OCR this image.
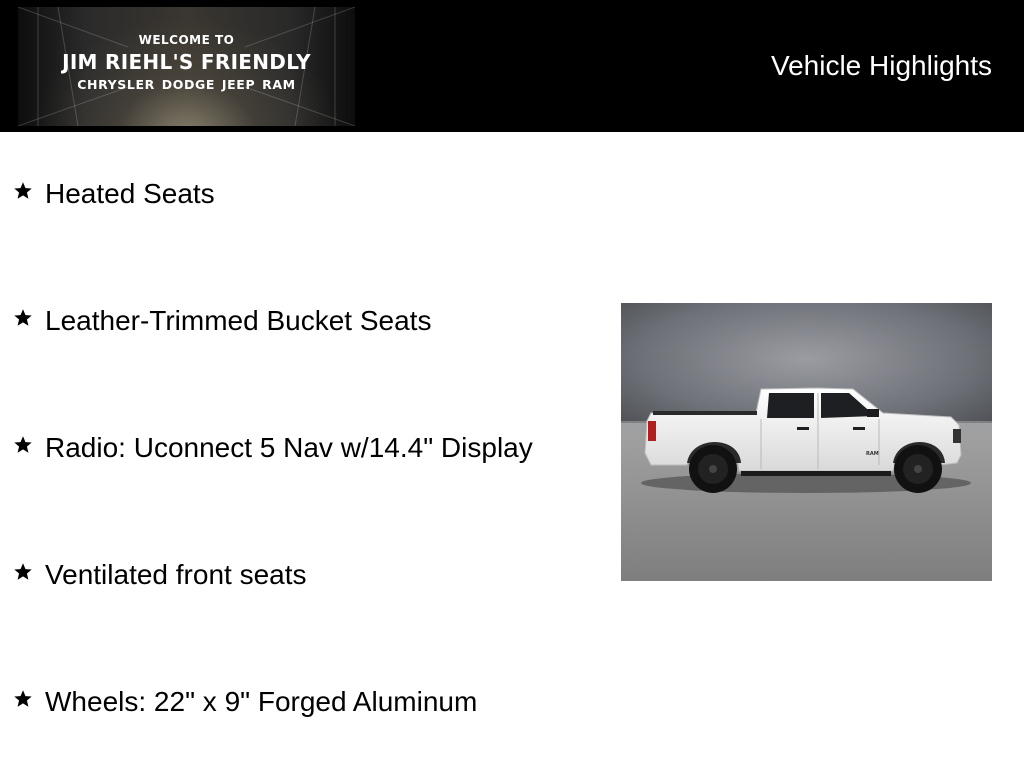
WELCOME TO
JIM RIEHL'S FRIENDLY
CHRYSLER DODGE JEEP RAM
Vehicle Highlights
Heated Seats
Leather-Trimmed Bucket Seats
Radio: Uconnect 5 Nav w/14.4" Display
Ventilated front seats
Wheels: 22" x 9" Forged Aluminum
RAM
